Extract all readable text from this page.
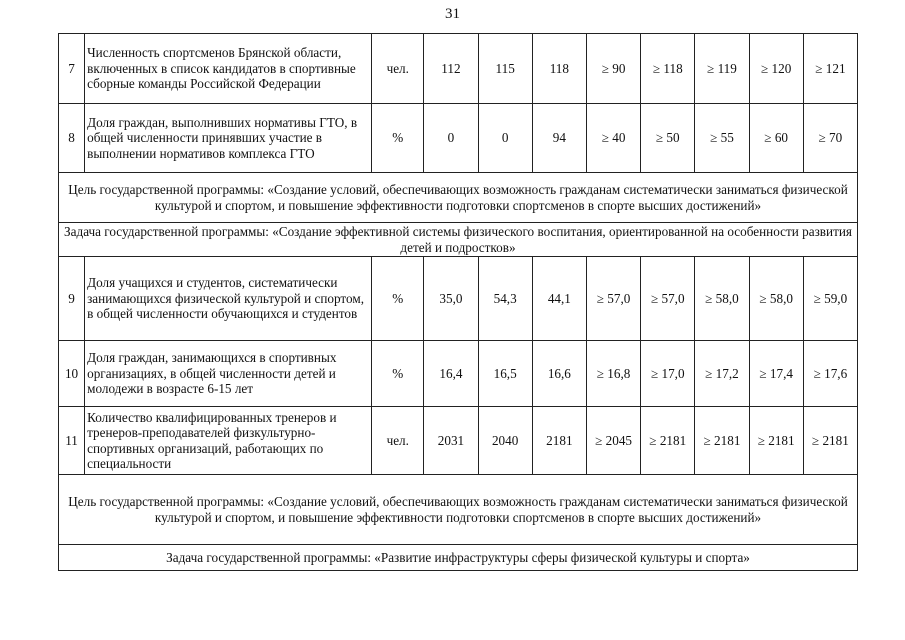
31
7	Численность спортсменов Брянской области, включенных в список кандидатов в спортивные сборные команды Российской Федерации	чел.	112	115	118	≥ 90	≥ 118	≥ 119	≥ 120	≥ 121
8	Доля граждан, выполнивших нормативы ГТО, в общей численности принявших участие в выполнении нормативов комплекса ГТО	%	0	0	94	≥ 40	≥ 50	≥ 55	≥ 60	≥ 70
Цель государственной программы: «Создание условий, обеспечивающих возможность гражданам систематически заниматься физической культурой и спортом, и повышение эффективности подготовки спортсменов в спорте высших достижений»										
Задача государственной программы: «Создание эффективной системы физического воспитания, ориентированной на особенности развития детей и подростков»										
9	Доля учащихся и студентов, систематически занимающихся физической культурой и спортом, в общей численности обучающихся и студентов	%	35,0	54,3	44,1	≥ 57,0	≥ 57,0	≥ 58,0	≥ 58,0	≥ 59,0
10	Доля граждан, занимающихся в спортивных организациях, в общей численности детей и молодежи в возрасте 6-15 лет	%	16,4	16,5	16,6	≥ 16,8	≥ 17,0	≥ 17,2	≥ 17,4	≥ 17,6
11	Количество квалифицированных тренеров и тренеров-преподавателей физкультурно-спортивных организаций, работающих по специальности	чел.	2031	2040	2181	≥ 2045	≥ 2181	≥ 2181	≥ 2181	≥ 2181
Цель государственной программы: «Создание условий, обеспечивающих возможность гражданам систематически заниматься физической культурой и спортом, и повышение эффективности подготовки спортсменов в спорте высших достижений»										
Задача государственной программы: «Развитие инфраструктуры сферы физической культуры и спорта»										
